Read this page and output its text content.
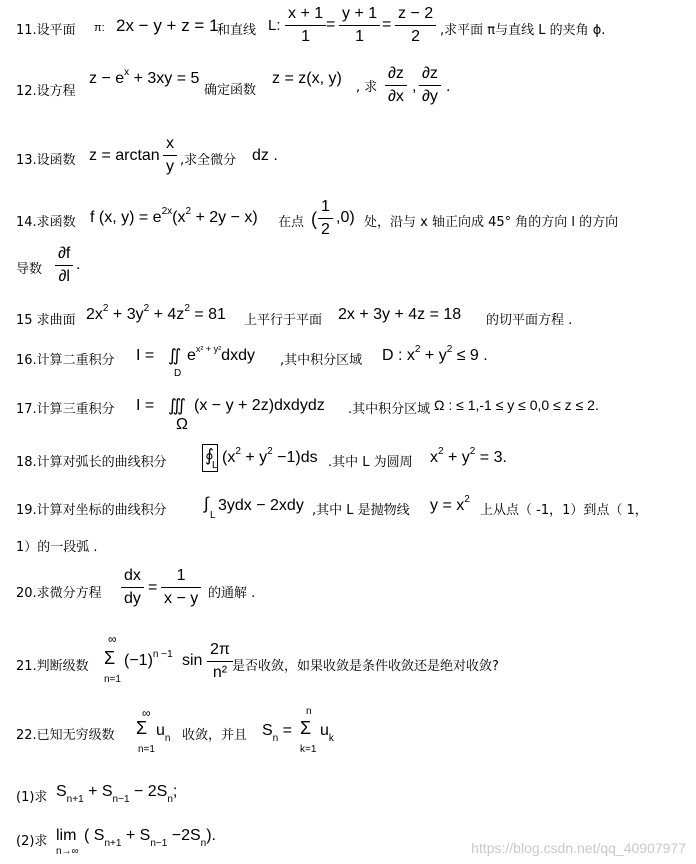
11.设平面 π: 2x − y + z = 1
和直线 L: $\frac{x + 1}{1} = \frac{y + 1}{1} = \frac{z - 2}{2}$ ,求平面 π与直线 L 的夹角 ϕ.
12.设方程
$z - e^x + 3xy = 5$
确定函数
z = z(x, y)
, 求 $\frac{\partial z}{\partial x}$ , $\frac{\partial z}{\partial y}$ .
13.设函数 $z = \arctan \frac{x}{y}$ ,求全微分 dz .
14.求函数 f (x, $y) = e^{2x}(x^2 + 2y - x)$ 在点 ( $\frac{1}{2} ,0$) 处，沿与 x 轴正向成 45° 角的方向 l 的方向
导数 $\frac{\partial f}{\partial l}$ .
15 求曲面 $2x^2 + 3y^2 + 4z^2 = 81$ 上平行于平面 2x + 3y + 4z = 18 的切平面方程 .
16.计算二重积分 I = ∬
D
$e^{x^2 + y^2}dxdy$ ,其中积分区域 D : $x^2 + y^2 \le 9$ .
17.计算三重积分 I = ∭
Ω
(x − y + 2z)dxdydz .其中积分区域 Ω : ≤ 1,-1 ≤ y ≤ 0,0 ≤ z ≤ 2.
18.计算对弧长的曲线积分 ∮
L $(x^2 + y^2 -1)ds$ .其中 L 为圆周 $x^2 + y^2 = 3$.
19.计算对坐标的曲线积分 ∫
L
3ydx − 2xdy ,其中 L 是抛物线 $y = x^2$
上从点（ -1，1）到点（ 1，
1）的一段弧 .
20.求微分方程 $\frac{dx}{dy} = \frac{1}{x - y}$ 的通解 .
21.判断级数
∞
Σ
n=1
$(-1)^{n -1}$ $\sin \frac{2\pi}{\text{n²}}$ 是否收敛，如果收敛是条件收敛还是绝对收敛?
22.已知无穷级数
∞
Σ
n=1
$u_n$ 收敛，并且 $S_n$ =
n
Σ
k=1
$u_k$
(1)求 $S_{n+1} + S_{n-1} - 2S_n$;
(2)求 lim
n→∞
( $S_{n+1} + S_{n-1} -2S_n$).
https://blog.csdn.net/qq_40907977
